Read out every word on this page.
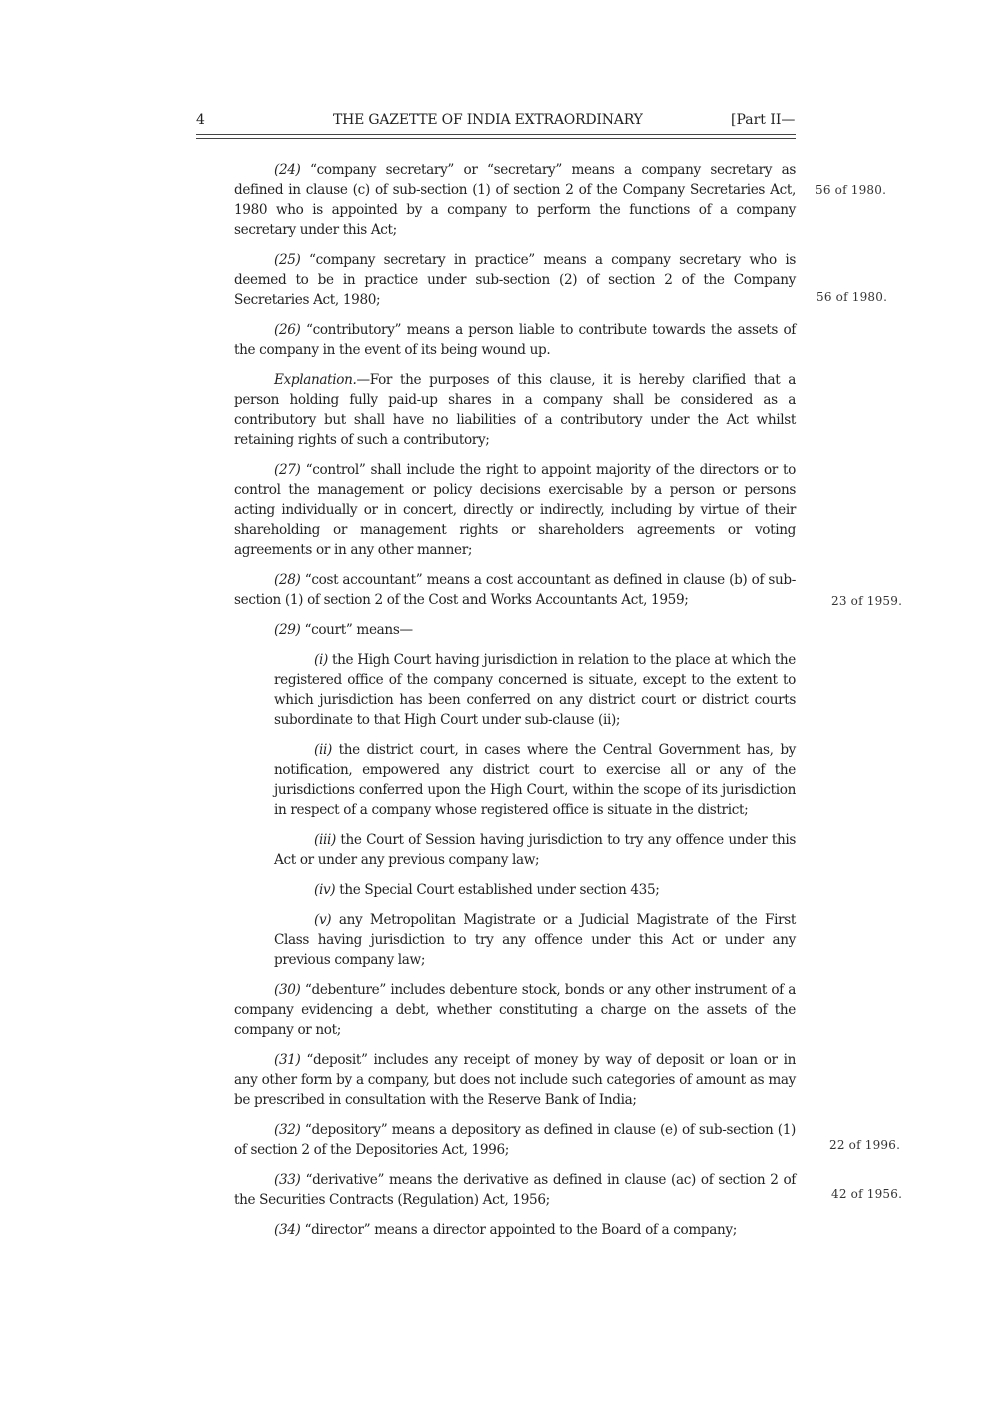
4	THE GAZETTE OF INDIA EXTRAORDINARY	[Part II—

(24) “company secretary” or “secretary” means a company secretary as defined in clause (c) of sub-section (1) of section 2 of the Company Secretaries Act, 1980 who is appointed by a company to perform the functions of a company secretary under this Act;

(25) “company secretary in practice” means a company secretary who is deemed to be in practice under sub-section (2) of section 2 of the Company Secretaries Act, 1980;

(26) “contributory” means a person liable to contribute towards the assets of the company in the event of its being wound up.

Explanation.—For the purposes of this clause, it is hereby clarified that a person holding fully paid-up shares in a company shall be considered as a contributory but shall have no liabilities of a contributory under the Act whilst retaining rights of such a contributory;

(27) “control” shall include the right to appoint majority of the directors or to control the management or policy decisions exercisable by a person or persons acting individually or in concert, directly or indirectly, including by virtue of their shareholding or management rights or shareholders agreements or voting agreements or in any other manner;

(28) “cost accountant” means a cost accountant as defined in clause (b) of sub-section (1) of section 2 of the Cost and Works Accountants Act, 1959;

(29) “court” means—

(i) the High Court having jurisdiction in relation to the place at which the registered office of the company concerned is situate, except to the extent to which jurisdiction has been conferred on any district court or district courts subordinate to that High Court under sub-clause (ii);

(ii) the district court, in cases where the Central Government has, by notification, empowered any district court to exercise all or any of the jurisdictions conferred upon the High Court, within the scope of its jurisdiction in respect of a company whose registered office is situate in the district;

(iii) the Court of Session having jurisdiction to try any offence under this Act or under any previous company law;

(iv) the Special Court established under section 435;

(v) any Metropolitan Magistrate or a Judicial Magistrate of the First Class having jurisdiction to try any offence under this Act or under any previous company law;

(30) “debenture” includes debenture stock, bonds or any other instrument of a company evidencing a debt, whether constituting a charge on the assets of the company or not;

(31) “deposit” includes any receipt of money by way of deposit or loan or in any other form by a company, but does not include such categories of amount as may be prescribed in consultation with the Reserve Bank of India;

(32) “depository” means a depository as defined in clause (e) of sub-section (1) of section 2 of the Depositories Act, 1996;

(33) “derivative” means the derivative as defined in clause (ac) of section 2 of the Securities Contracts (Regulation) Act, 1956;

(34) “director” means a director appointed to the Board of a company;

56 of 1980.
56 of 1980.
23 of 1959.
22 of 1996.
42 of 1956.
